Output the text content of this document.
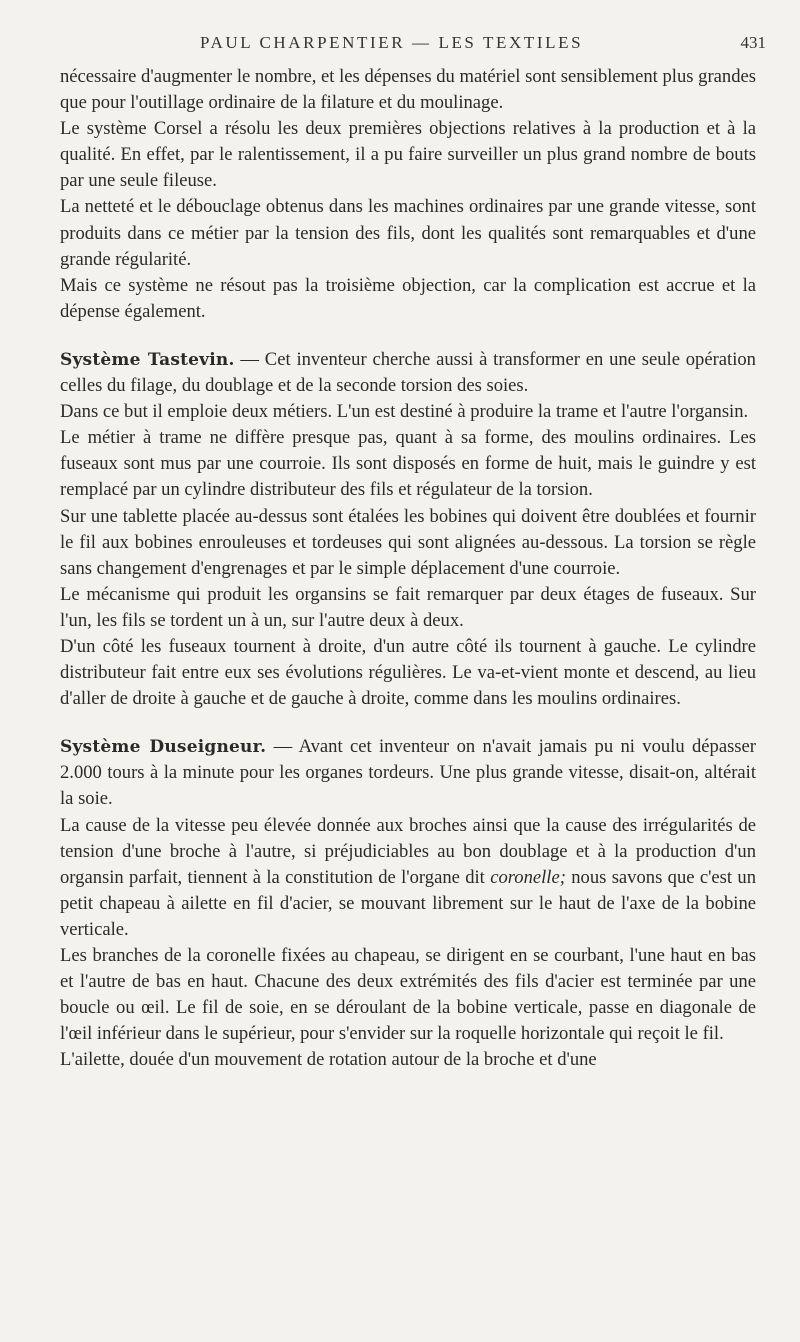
PAUL CHARPENTIER — LES TEXTILES	431

nécessaire d'augmenter le nombre, et les dépenses du matériel sont sensiblement plus grandes que pour l'outillage ordinaire de la filature et du moulinage.

Le système Corsel a résolu les deux premières objections relatives à la production et à la qualité. En effet, par le ralentissement, il a pu faire surveiller un plus grand nombre de bouts par une seule fileuse.

La netteté et le débouclage obtenus dans les machines ordinaires par une grande vitesse, sont produits dans ce métier par la tension des fils, dont les qualités sont remarquables et d'une grande régularité.

Mais ce système ne résout pas la troisième objection, car la complication est accrue et la dépense également.

Système Tastevin. — Cet inventeur cherche aussi à transformer en une seule opération celles du filage, du doublage et de la seconde torsion des soies.

Dans ce but il emploie deux métiers. L'un est destiné à produire la trame et l'autre l'organsin.

Le métier à trame ne diffère presque pas, quant à sa forme, des moulins ordinaires. Les fuseaux sont mus par une courroie. Ils sont disposés en forme de huit, mais le guindre y est remplacé par un cylindre distributeur des fils et régulateur de la torsion.

Sur une tablette placée au-dessus sont étalées les bobines qui doivent être doublées et fournir le fil aux bobines enrouleuses et tordeuses qui sont alignées au-dessous. La torsion se règle sans changement d'engrenages et par le simple déplacement d'une courroie.

Le mécanisme qui produit les organsins se fait remarquer par deux étages de fuseaux. Sur l'un, les fils se tordent un à un, sur l'autre deux à deux.

D'un côté les fuseaux tournent à droite, d'un autre côté ils tournent à gauche. Le cylindre distributeur fait entre eux ses évolutions régulières. Le va-et-vient monte et descend, au lieu d'aller de droite à gauche et de gauche à droite, comme dans les moulins ordinaires.

Système Duseigneur. — Avant cet inventeur on n'avait jamais pu ni voulu dépasser 2.000 tours à la minute pour les organes tordeurs. Une plus grande vitesse, disait-on, altérait la soie.

La cause de la vitesse peu élevée donnée aux broches ainsi que la cause des irrégularités de tension d'une broche à l'autre, si préjudiciables au bon doublage et à la production d'un organsin parfait, tiennent à la constitution de l'organe dit coronelle; nous savons que c'est un petit chapeau à ailette en fil d'acier, se mouvant librement sur le haut de l'axe de la bobine verticale.

Les branches de la coronelle fixées au chapeau, se dirigent en se courbant, l'une haut en bas et l'autre de bas en haut. Chacune des deux extrémités des fils d'acier est terminée par une boucle ou œil. Le fil de soie, en se déroulant de la bobine verticale, passe en diagonale de l'œil inférieur dans le supérieur, pour s'envider sur la roquelle horizontale qui reçoit le fil.

L'ailette, douée d'un mouvement de rotation autour de la broche et d'une
